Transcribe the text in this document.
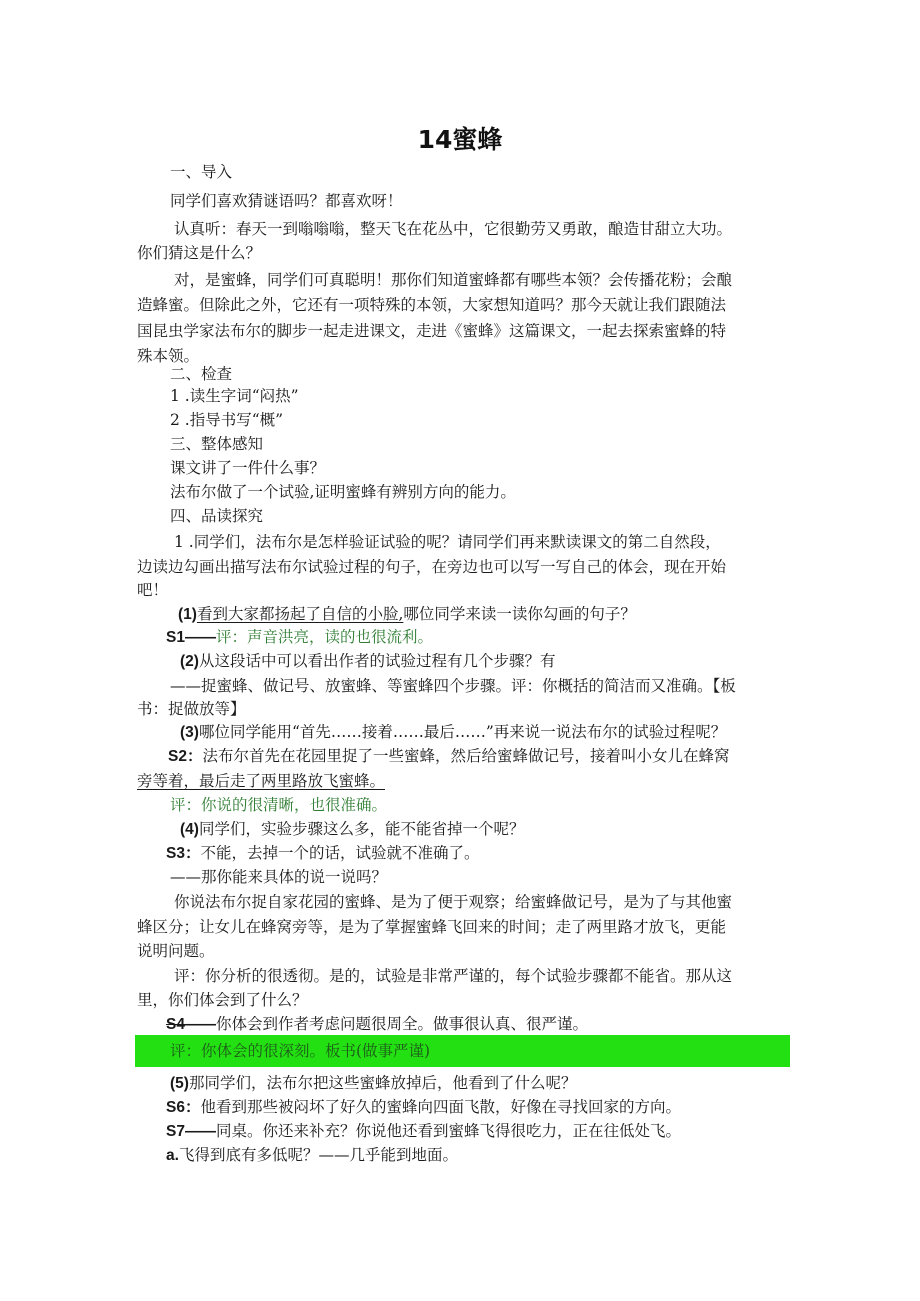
14蜜蜂
一、导入
同学们喜欢猜谜语吗？都喜欢呀！
认真听：春天一到嗡嗡嗡，整天飞在花丛中，它很勤劳又勇敢，酿造甘甜立大功。
你们猜这是什么？
对，是蜜蜂，同学们可真聪明！那你们知道蜜蜂都有哪些本领？会传播花粉；会酿
造蜂蜜。但除此之外，它还有一项特殊的本领，大家想知道吗？那今天就让我们跟随法
国昆虫学家法布尔的脚步一起走进课文，走进《蜜蜂》这篇课文，一起去探索蜜蜂的特
殊本领。
二、检查
1 .读生字词“闷热”
2 .指导书写“概”
三、整体感知
课文讲了一件什么事？
法布尔做了一个试验,证明蜜蜂有辨别方向的能力。
四、品读探究
1 .同学们，法布尔是怎样验证试验的呢？请同学们再来默读课文的第二自然段，
边读边勾画出描写法布尔试验过程的句子，在旁边也可以写一写自己的体会，现在开始
吧！
(1)看到大家都扬起了自信的小脸,哪位同学来读一读你勾画的句子？
S1——评：声音洪亮，读的也很流利。
(2)从这段话中可以看出作者的试验过程有几个步骤？有
——捉蜜蜂、做记号、放蜜蜂、等蜜蜂四个步骤。评：你概括的简洁而又准确。【板
书：捉做放等】
(3)哪位同学能用“首先……接着……最后……”再来说一说法布尔的试验过程呢？
S2：法布尔首先在花园里捉了一些蜜蜂，然后给蜜蜂做记号，接着叫小女儿在蜂窝
旁等着，最后走了两里路放飞蜜蜂。
评：你说的很清晰，也很准确。
(4)同学们，实验步骤这么多，能不能省掉一个呢？
S3：不能，去掉一个的话，试验就不准确了。
——那你能来具体的说一说吗？
你说法布尔捉自家花园的蜜蜂、是为了便于观察；给蜜蜂做记号，是为了与其他蜜
蜂区分；让女儿在蜂窝旁等，是为了掌握蜜蜂飞回来的时间；走了两里路才放飞，更能
说明问题。
评：你分析的很透彻。是的，试验是非常严谨的，每个试验步骤都不能省。那从这
里，你们体会到了什么？
S4——你体会到作者考虑问题很周全。做事很认真、很严谨。
评：你体会的很深刻。板书(做事严谨)
(5)那同学们，法布尔把这些蜜蜂放掉后，他看到了什么呢？
S6：他看到那些被闷坏了好久的蜜蜂向四面飞散，好像在寻找回家的方向。
S7——同桌。你还来补充？你说他还看到蜜蜂飞得很吃力，正在往低处飞。
a.飞得到底有多低呢？——几乎能到地面。
